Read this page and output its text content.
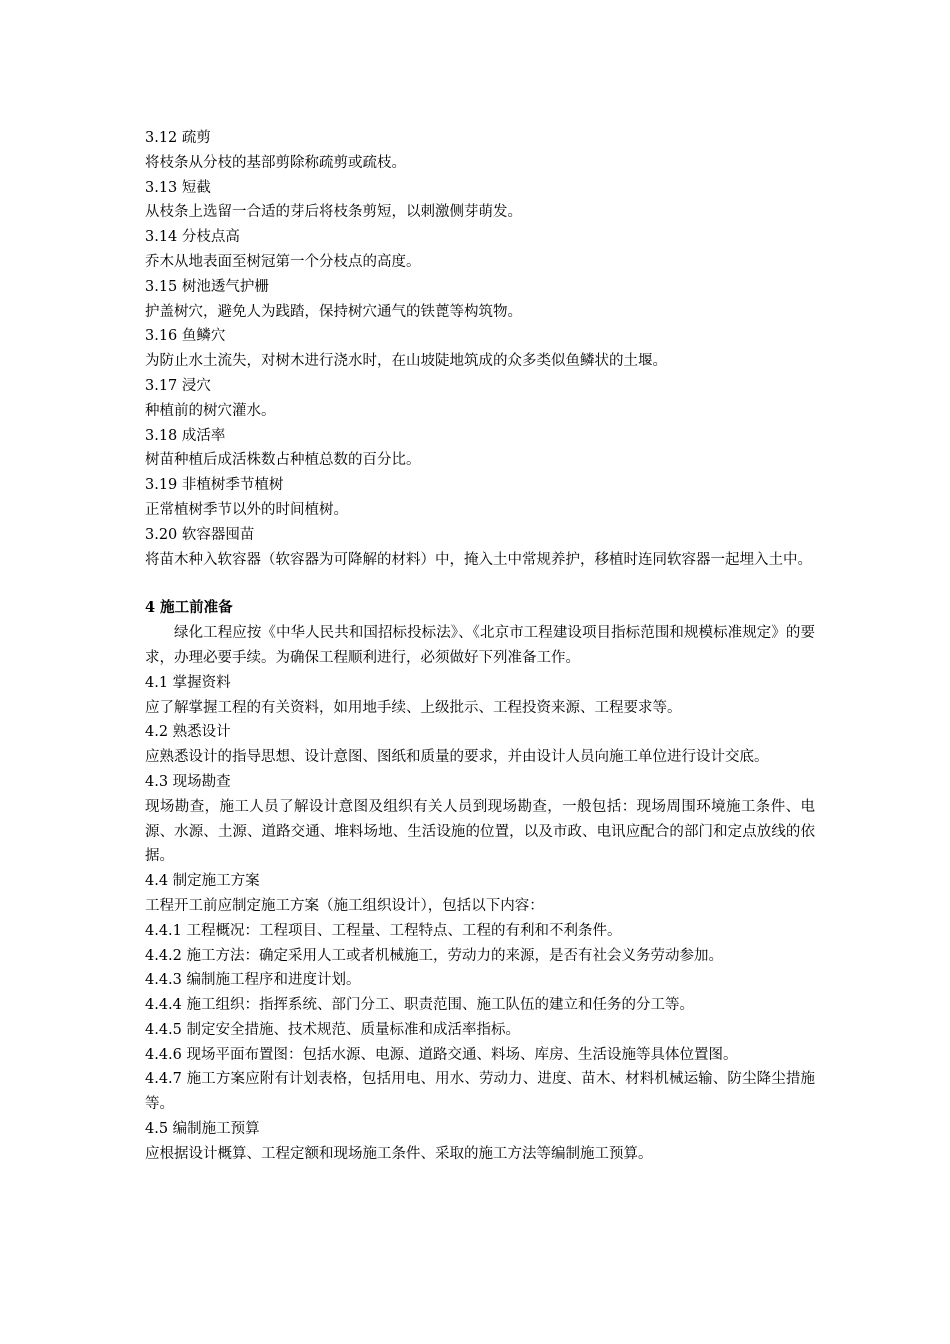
3.12 疏剪
将枝条从分枝的基部剪除称疏剪或疏枝。
3.13 短截
从枝条上选留一合适的芽后将枝条剪短，以刺激侧芽萌发。
3.14 分枝点高
乔木从地表面至树冠第一个分枝点的高度。
3.15 树池透气护栅
护盖树穴，避免人为践踏，保持树穴通气的铁蓖等构筑物。
3.16 鱼鳞穴
为防止水土流失，对树木进行浇水时，在山坡陡地筑成的众多类似鱼鳞状的土堰。
3.17 浸穴
种植前的树穴灌水。
3.18 成活率
树苗种植后成活株数占种植总数的百分比。
3.19 非植树季节植树
正常植树季节以外的时间植树。
3.20 软容器囤苗
将苗木种入软容器（软容器为可降解的材料）中，掩入土中常规养护，移植时连同软容器一起埋入土中。
4 施工前准备
绿化工程应按《中华人民共和国招标投标法》、《北京市工程建设项目指标范围和规模标准规定》的要求，办理必要手续。为确保工程顺利进行，必须做好下列准备工作。
4.1 掌握资料
应了解掌握工程的有关资料，如用地手续、上级批示、工程投资来源、工程要求等。
4.2 熟悉设计
应熟悉设计的指导思想、设计意图、图纸和质量的要求，并由设计人员向施工单位进行设计交底。
4.3 现场勘查
现场勘查，施工人员了解设计意图及组织有关人员到现场勘查，一般包括：现场周围环境施工条件、电源、水源、土源、道路交通、堆料场地、生活设施的位置，以及市政、电讯应配合的部门和定点放线的依据。
4.4 制定施工方案
工程开工前应制定施工方案（施工组织设计），包括以下内容：
4.4.1 工程概况：工程项目、工程量、工程特点、工程的有利和不利条件。
4.4.2 施工方法：确定采用人工或者机械施工，劳动力的来源，是否有社会义务劳动参加。
4.4.3 编制施工程序和进度计划。
4.4.4 施工组织：指挥系统、部门分工、职责范围、施工队伍的建立和任务的分工等。
4.4.5 制定安全措施、技术规范、质量标准和成活率指标。
4.4.6 现场平面布置图：包括水源、电源、道路交通、料场、库房、生活设施等具体位置图。
4.4.7 施工方案应附有计划表格，包括用电、用水、劳动力、进度、苗木、材料机械运输、防尘降尘措施等。
4.5 编制施工预算
应根据设计概算、工程定额和现场施工条件、采取的施工方法等编制施工预算。
